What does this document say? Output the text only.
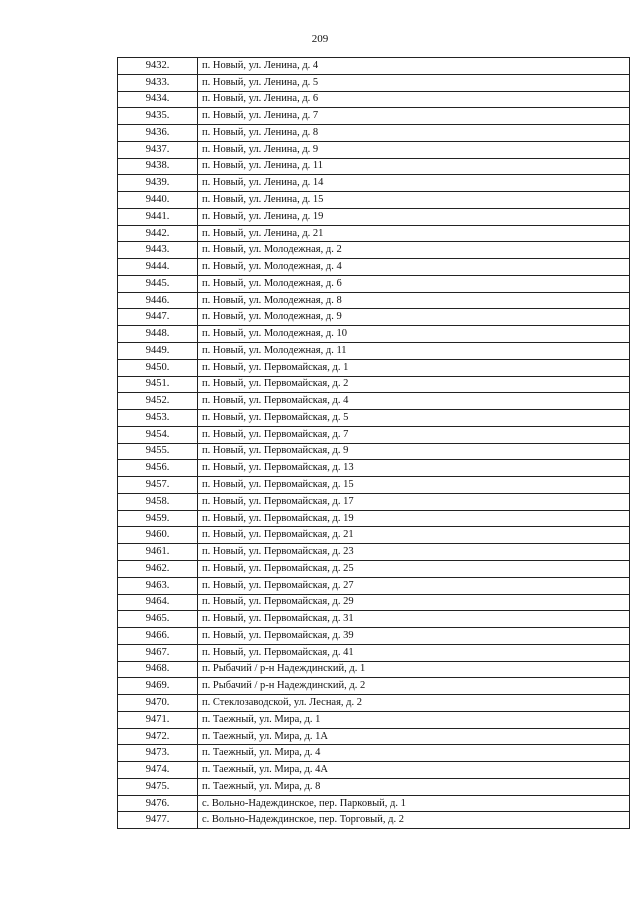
209
9432.	п. Новый, ул. Ленина, д. 4
9433.	п. Новый, ул. Ленина, д. 5
9434.	п. Новый, ул. Ленина, д. 6
9435.	п. Новый, ул. Ленина, д. 7
9436.	п. Новый, ул. Ленина, д. 8
9437.	п. Новый, ул. Ленина, д. 9
9438.	п. Новый, ул. Ленина, д. 11
9439.	п. Новый, ул. Ленина, д. 14
9440.	п. Новый, ул. Ленина, д. 15
9441.	п. Новый, ул. Ленина, д. 19
9442.	п. Новый, ул. Ленина, д. 21
9443.	п. Новый, ул. Молодежная, д. 2
9444.	п. Новый, ул. Молодежная, д. 4
9445.	п. Новый, ул. Молодежная, д. 6
9446.	п. Новый, ул. Молодежная, д. 8
9447.	п. Новый, ул. Молодежная, д. 9
9448.	п. Новый, ул. Молодежная, д. 10
9449.	п. Новый, ул. Молодежная, д. 11
9450.	п. Новый, ул. Первомайская, д. 1
9451.	п. Новый, ул. Первомайская, д. 2
9452.	п. Новый, ул. Первомайская, д. 4
9453.	п. Новый, ул. Первомайская, д. 5
9454.	п. Новый, ул. Первомайская, д. 7
9455.	п. Новый, ул. Первомайская, д. 9
9456.	п. Новый, ул. Первомайская, д. 13
9457.	п. Новый, ул. Первомайская, д. 15
9458.	п. Новый, ул. Первомайская, д. 17
9459.	п. Новый, ул. Первомайская, д. 19
9460.	п. Новый, ул. Первомайская, д. 21
9461.	п. Новый, ул. Первомайская, д. 23
9462.	п. Новый, ул. Первомайская, д. 25
9463.	п. Новый, ул. Первомайская, д. 27
9464.	п. Новый, ул. Первомайская, д. 29
9465.	п. Новый, ул. Первомайская, д. 31
9466.	п. Новый, ул. Первомайская, д. 39
9467.	п. Новый, ул. Первомайская, д. 41
9468.	п. Рыбачий / р-н Надеждинский, д. 1
9469.	п. Рыбачий / р-н Надеждинский, д. 2
9470.	п. Стеклозаводской, ул. Лесная, д. 2
9471.	п. Таежный, ул. Мира, д. 1
9472.	п. Таежный, ул. Мира, д. 1А
9473.	п. Таежный, ул. Мира, д. 4
9474.	п. Таежный, ул. Мира, д. 4А
9475.	п. Таежный, ул. Мира, д. 8
9476.	с. Вольно-Надеждинское, пер. Парковый, д. 1
9477.	с. Вольно-Надеждинское, пер. Торговый, д. 2
